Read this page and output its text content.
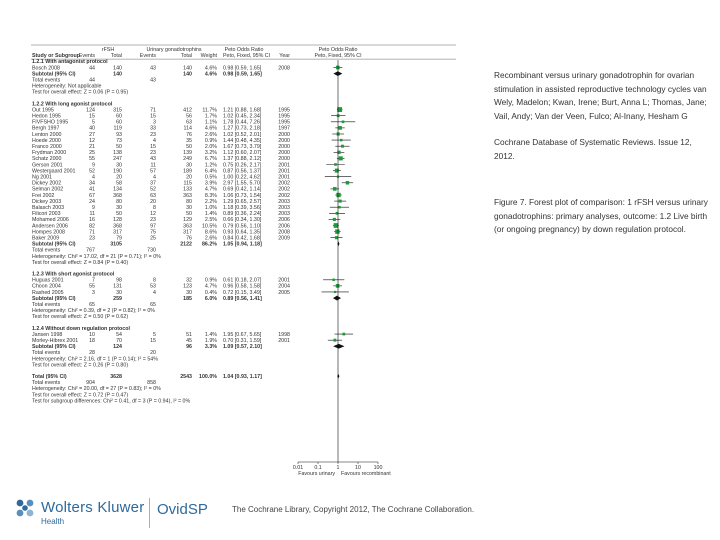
rFSH	Urinary gonadotrophins	Peto Odds Ratio	Peto Odds Ratio
Study or Subgroup
Events	Total	Events	Total Weight Peto, Fixed, 95% CI Year	Peto, Fixed, 95% CI
1.2.1 With antagonist protocol
Bosch 2008	44	140	43	140 4.6% 0.98 [0.59, 1.65]	2008
Subtotal (95% CI)	140	140 4.6% 0.98 [0.59, 1.65]
Total events	44	43
Heterogeneity: Not applicable
Test for overall effect: Z = 0.06 (P = 0.95)
1.2.2 With long agonist protocol
Out 1995	124	315	71	412 11.7% 1.21 [0.88, 1.68]	1995
Hedon 1995	15	60	15	56 1.7% 1.02 [0.45, 2.34]	1995
FIVFSHO 1995	5	60	3	63 1.1% 1.78 [0.44, 7.26]	1995
Bergh 1997	40	119	33	114 4.6% 1.27 [0.73, 2.18]	1997
Lenton 2000	27	93	23	76 2.6% 1.02 [0.52, 2.01]	2000
Hoede 2000	12	73	4	35 0.9% 1.44 [0.48, 4.35]	2000
Franco 2000	21	50	15	50 2.0% 1.67 [0.73, 3.79]	2000
Frydman 2000	25	138	23	139 3.2% 1.12 [0.60, 2.07]	2000
Schatz 2000	55	247	43	249 6.7% 1.37 [0.88, 2.12]	2000
Gerson 2001	9	30	11	30 1.2% 0.75 [0.26, 2.17]	2001
Westergaard 2001	52	190	57	189 6.4% 0.87 [0.56, 1.37]	2001
Ng 2001	4	20	4	20 0.5% 1.00 [0.22, 4.62]	2001
Dickey 2002	34	58	37	115 3.9% 2.97 [1.55, 5.70]	2002
Selman 2002	41	134	52	133 4.7% 0.69 [0.42, 1.14]	2002
Frei 2002	67	368	63	363 8.3% 1.06 [0.73, 1.54]	2002
Dickey 2003	24	80	20	80 2.2% 1.29 [0.65, 2.57]	2003
Balasch 2003	9	30	8	30 1.0% 1.18 [0.39, 3.56]	2003
Filicori 2003	11	50	12	50 1.4% 0.89 [0.36, 2.24]	2003
Mohamed 2006	16	128	23	129 2.5% 0.66 [0.34, 1.30]	2006
Andersen 2006	82	368	97	363 10.5% 0.79 [0.56, 1.10]	2006
Hompes 2008	71	317	75	317 8.6% 0.93 [0.64, 1.35]	2008
Baker 2009	23	79	25	76 2.6% 0.84 [0.42, 1.68]	2009
Subtotal (95% CI)	3105	2122 86.2% 1.05 [0.94, 1.18]
Total events	767	730
Heterogeneity: Chi² = 17.02, df = 21 (P = 0.71); I² = 0%
Test for overall effect: Z = 0.84 (P = 0.40)
1.2.3 With short agonist protocol
Huguas 2001	7	98	8	32 0.9% 0.61 [0.18, 2.07]	2001
Choon 2004	55	131	53	123 4.7% 0.96 [0.58, 1.58]	2004
Rashed 2005	3	30	4	30 0.4% 0.72 [0.15, 3.49]	2005
Subtotal (95% CI)	259	185 6.0% 0.89 [0.56, 1.41]
Total events	65	65
Heterogeneity: Chi² = 0.39, df = 2 (P = 0.82); I² = 0%
Test for overall effect: Z = 0.50 (P = 0.62)
1.2.4 Without down regulation protocol
Jansen 1998	10	54	5	51 1.4% 1.95 [0.67, 5.65]	1998
Morley-Hibrex 2001 18	70	15	45 1.9% 0.70 [0.31, 1.59]	2001
Subtotal (95% CI)	124	96 3.3% 1.09 [0.57, 2.10]
Total events	28	20
Heterogeneity: Chi² = 2.16, df = 1 (P = 0.14); I² = 54%
Test for overall effect: Z = 0.26 (P = 0.80)
Total (95% CI)	3628	2543 100.0% 1.04 [0.93, 1.17]
Total events	904	858
Heterogeneity: Chi² = 20.00, df = 27 (P = 0.83); I² = 0%
Test for overall effect: Z = 0.72 (P = 0.47)
Test for subgroup differences: Chi² = 0.41, df = 3 (P = 0.94), I² = 0%
0.01 0.1	1	10 100
Favours urinary Favours recombinant

Recombinant versus urinary gonadotrophin for ovarian stimulation in assisted reproductive technology cycles van Wely, Madelon; Kwan, Irene; Burt, Anna L; Thomas, Jane; Vail, Andy; Van der Veen, Fulco; Al-Inany, Hesham G

Cochrane Database of Systematic Reviews. Issue 12, 2012.

Figure 7. Forest plot of comparison: 1 rFSH versus urinary gonadotrophins: primary analyses, outcome: 1.2 Live birth (or ongoing pregnancy) by down regulation protocol.

Wolters Kluwer
Health
OvidSP	The Cochrane Library, Copyright 2012, The Cochrane Collaboration.
